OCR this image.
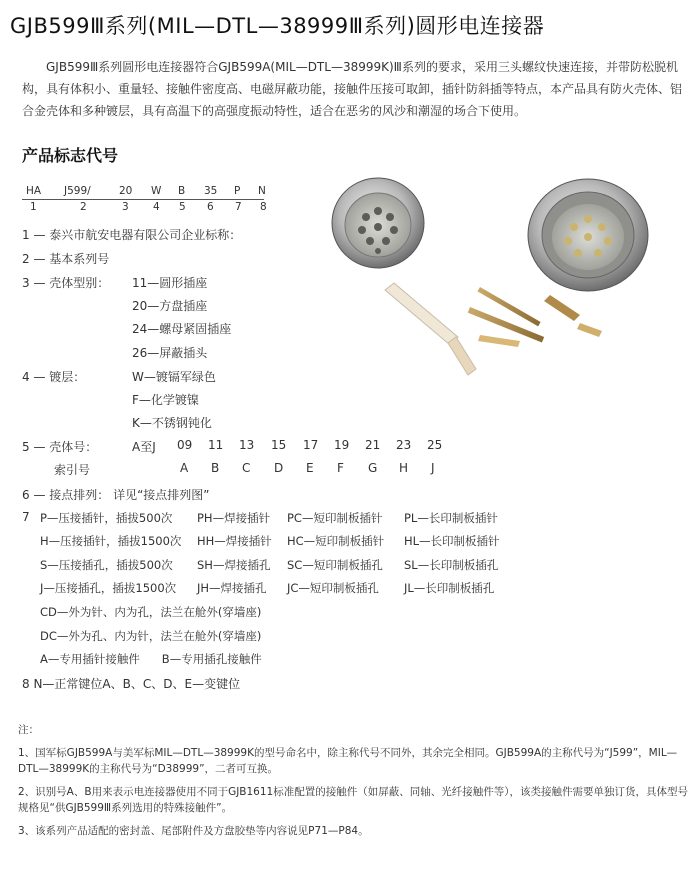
GJB599Ⅲ系列(MIL—DTL—38999Ⅲ系列)圆形电连接器
GJB599Ⅲ系列圆形电连接器符合GJB599A(MIL—DTL—38999K)Ⅲ系列的要求，采用三头螺纹快速连接，并带防松脱机构，具有体积小、重量轻、接触件密度高、电磁屏蔽功能，接触件压接可取卸，插针防斜插等特点，本产品具有防火壳体、铝合金壳体和多种镀层，具有高温下的高强度振动特性，适合在恶劣的风沙和潮湿的场合下使用。
产品标志代号
HA J599/	20 W B 35 P N
1	2	3 4 5 6 7 8
1 — 泰兴市航安电器有限公司企业标称：
2 — 基本系列号
3 — 壳体型别： 11—圆形插座
20—方盘插座
24—螺母紧固插座
26—屏蔽插头
4 — 镀层：	W—镀镉军绿色
F—化学镀镍
K—不锈钢钝化
5 — 壳体号：	A至J 09 11 13 15 17 19 21 23 25
索引号	A B C D E F G H J
6 — 接点排列： 详见“接点排列图”
7 P—压接插针，插拔500次 PH—焊接插针 PC—短印制板插针 PL—长印制板插针
H—压接插针，插拔1500次 HH—焊接插针 HC—短印制板插针 HL—长印制板插针
S—压接插孔，插拔500次 SH—焊接插孔 SC—短印制板插孔 SL—长印制板插孔
J—压接插孔，插拔1500次 JH—焊接插孔 JC—短印制板插孔 JL—长印制板插孔
CD—外为针、内为孔，法兰在舱外(穿墙座)
DC—外为孔、内为针，法兰在舱外(穿墙座)
A—专用插针接触件      B—专用插孔接触件
8 N—正常键位A、B、C、D、E—变键位

注：

1、国军标GJB599A与美军标MIL—DTL—38999K的型号命名中，除主称代号不同外，其余完全相同。GJB599A的主称代号为“J599”，MIL—DTL—38999K的主称代号为“D38999”，二者可互换。

2、识别号A、B用来表示电连接器使用不同于GJB1611标准配置的接触件（如屏蔽、同轴、光纤接触件等），该类接触件需要单独订货，具体型号规格见“供GJB599Ⅲ系列选用的特殊接触件”。

3、该系列产品适配的密封盖、尾部附件及方盘胶垫等内容说见P71—P84。
